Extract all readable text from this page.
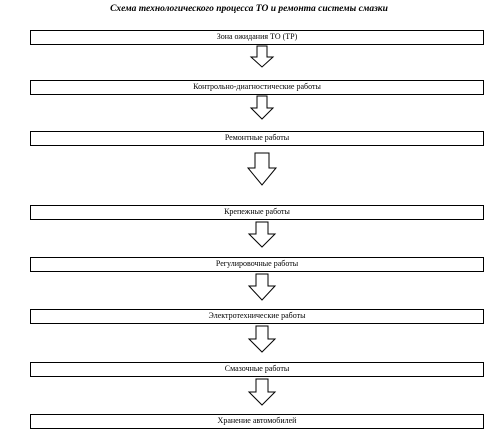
Схема технологического процесса ТО и ремонта системы смазки
Зона ожидания ТО (ТР)
Контрольно-диагностические работы
Ремонтные работы
Крепежные работы
Регулировочные работы
Электротехнические работы
Смазочные работы
Хранение автомобилей
